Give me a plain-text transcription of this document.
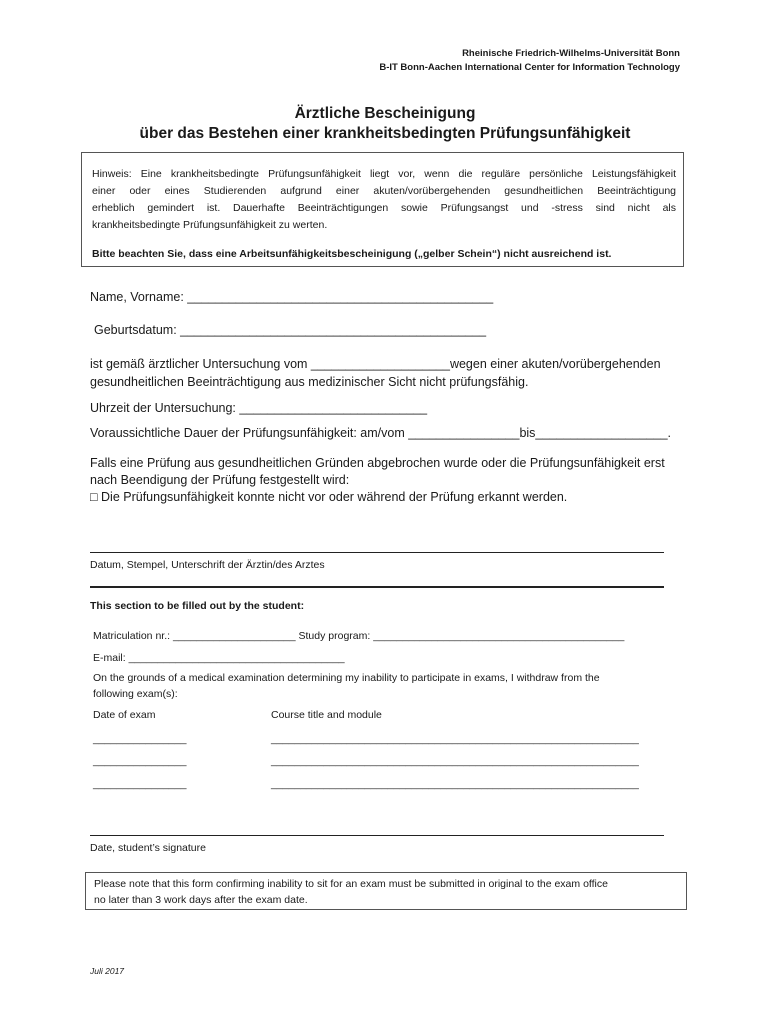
Rheinische Friedrich-Wilhelms-Universität Bonn
B-IT Bonn-Aachen International Center for Information Technology
Ärztliche Bescheinigung
über das Bestehen einer krankheitsbedingten Prüfungsunfähigkeit
Hinweis: Eine krankheitsbedingte Prüfungsunfähigkeit liegt vor, wenn die reguläre persönliche Leistungsfähigkeit
einer oder eines Studierenden aufgrund einer akuten/vorübergehenden gesundheitlichen Beeinträchtigung
erheblich gemindert ist. Dauerhafte Beeinträchtigungen sowie Prüfungsangst und -stress sind nicht als
krankheitsbedingte Prüfungsunfähigkeit zu werten.
Bitte beachten Sie, dass eine Arbeitsunfähigkeitsbescheinigung („gelber Schein“) nicht ausreichend ist.
Name, Vorname: ____________________________________________
Geburtsdatum: ____________________________________________
ist gemäß ärztlicher Untersuchung vom ____________________wegen einer akuten/vorübergehenden
gesundheitlichen Beeinträchtigung aus medizinischer Sicht nicht prüfungsfähig.
Uhrzeit der Untersuchung: ___________________________
Voraussichtliche Dauer der Prüfungsunfähigkeit: am/vom ________________bis___________________.
Falls eine Prüfung aus gesundheitlichen Gründen abgebrochen wurde oder die Prüfungsunfähigkeit erst
nach Beendigung der Prüfung festgestellt wird:
□ Die Prüfungsunfähigkeit konnte nicht vor oder während der Prüfung erkannt werden.
Datum, Stempel, Unterschrift der Ärztin/des Arztes
This section to be filled out by the student:
Matriculation nr.: _____________________ Study program: ___________________________________________
E-mail: _____________________________________
On the grounds of a medical examination determining my inability to participate in exams, I withdraw from the
following exam(s):
Date of exam	Course title and module
________________	_______________________________________________________________
________________	_______________________________________________________________
________________	_______________________________________________________________
Date, student’s signature
Please note that this form confirming inability to sit for an exam must be submitted in original to the exam office
no later than 3 work days after the exam date.
Juli 2017
